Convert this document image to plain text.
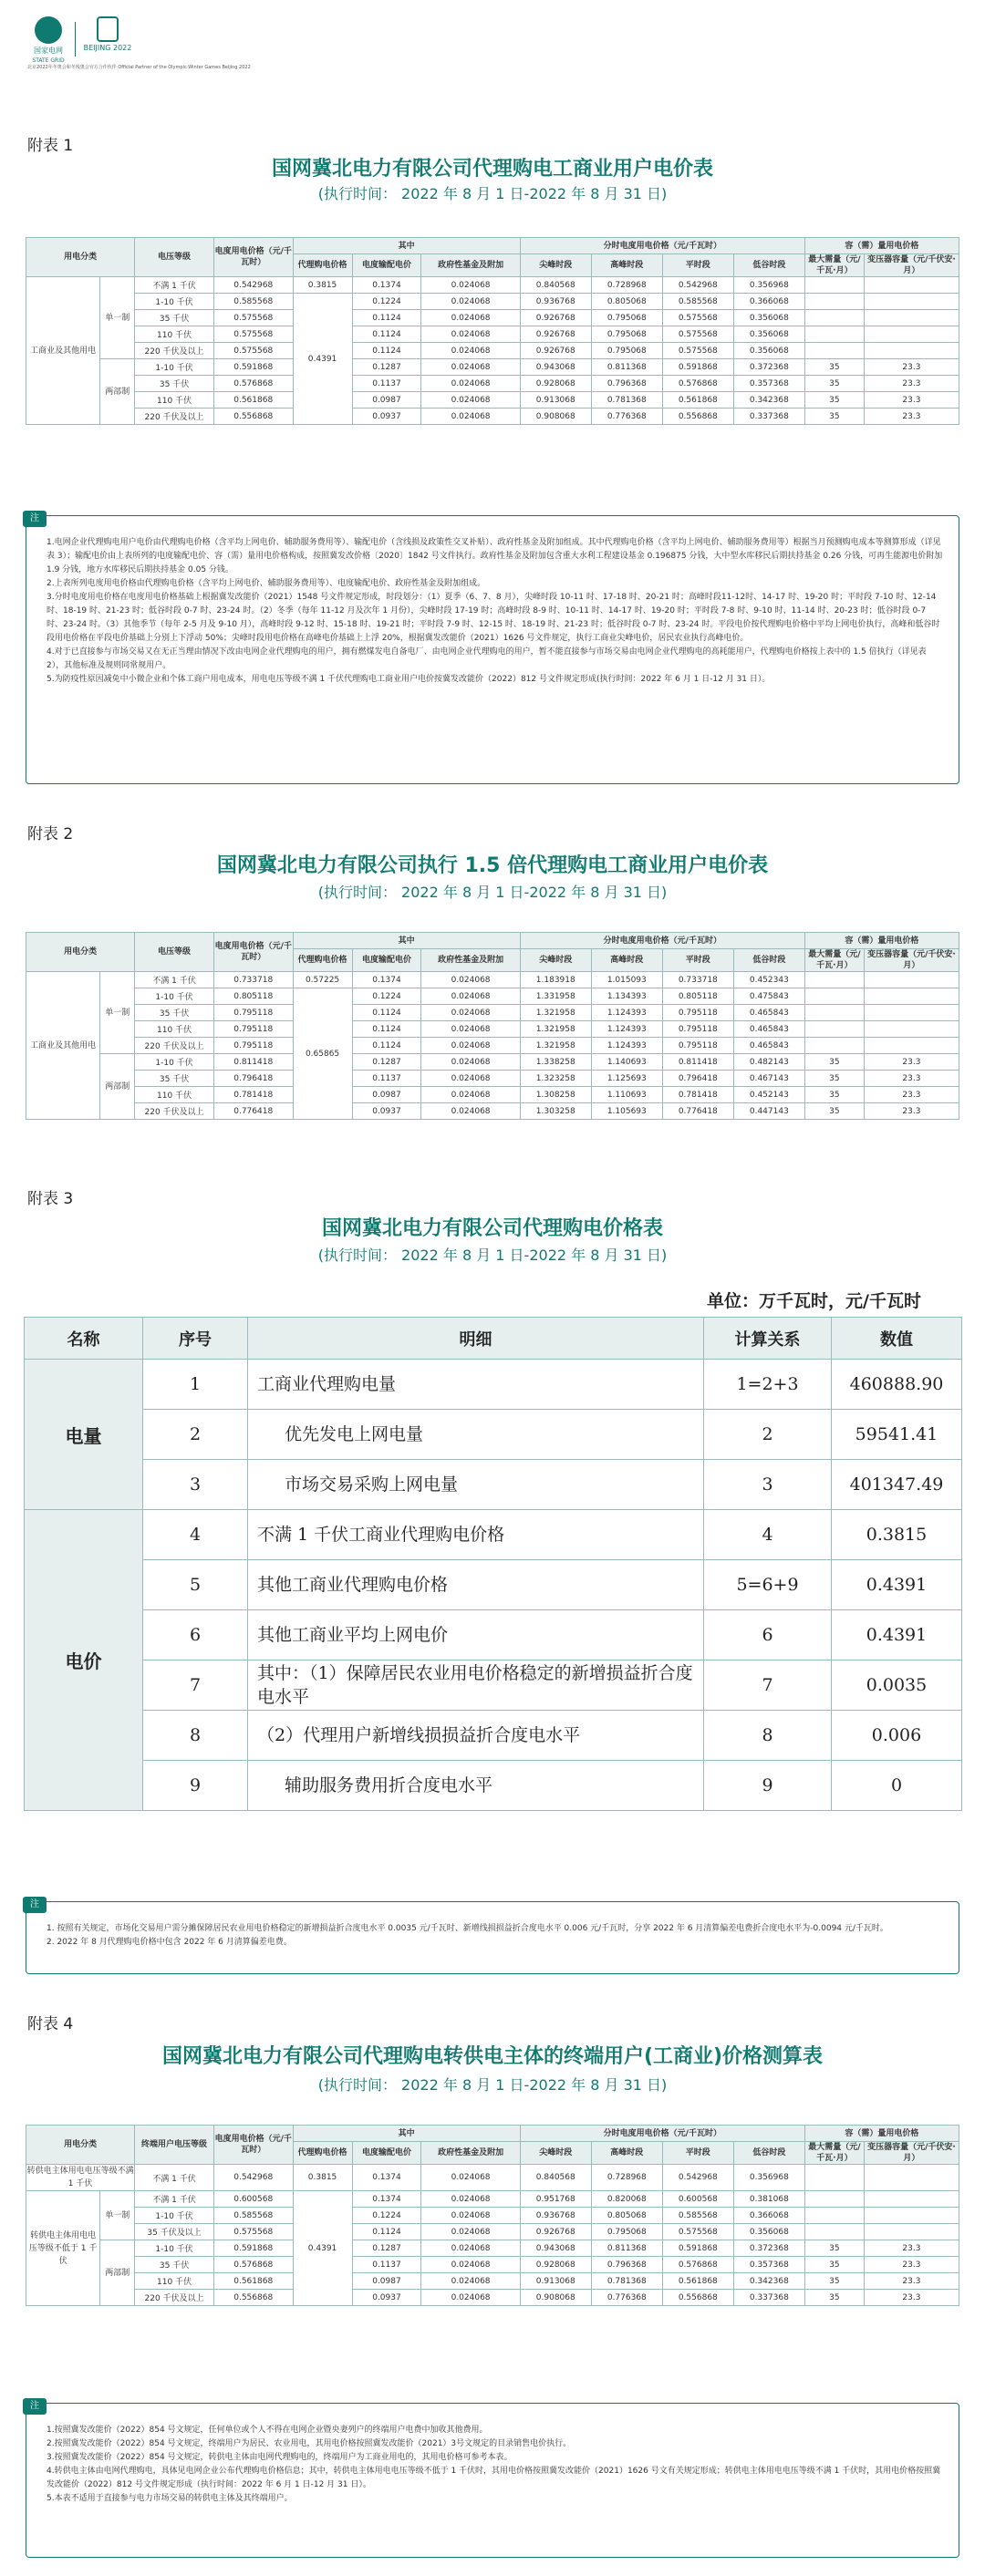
国家电网
STATE GRID
BEIJING 2022
北京2022年冬奥会和冬残奥会官方合作伙伴 Official Partner of the Olympic Winter Games Beijing 2022
附表 1
国网冀北电力有限公司代理购电工商业用户电价表
(执行时间： 2022 年 8 月 1 日-2022 年 8 月 31 日)
用电分类		电压等级	电度用电价格（元/千瓦时）	其中			分时电度用电价格（元/千瓦时）				容（需）量用电价格	
				代理购电价格	电度输配电价	政府性基金及附加	尖峰时段	高峰时段	平时段	低谷时段	最大需量（元/千瓦·月）	变压器容量（元/千伏安·月）
工商业及其他用电	单一制	不满 1 千伏	0.542968	0.3815	0.1374	0.024068	0.840568	0.728968	0.542968	0.356968		
		1-10 千伏	0.585568	0.4391	0.1224	0.024068	0.936768	0.805068	0.585568	0.366068		
		35 千伏	0.575568		0.1124	0.024068	0.926768	0.795068	0.575568	0.356068		
		110 千伏	0.575568		0.1124	0.024068	0.926768	0.795068	0.575568	0.356068		
		220 千伏及以上	0.575568		0.1124	0.024068	0.926768	0.795068	0.575568	0.356068		
	两部制	1-10 千伏	0.591868		0.1287	0.024068	0.943068	0.811368	0.591868	0.372368	35	23.3
		35 千伏	0.576868		0.1137	0.024068	0.928068	0.796368	0.576868	0.357368	35	23.3
		110 千伏	0.561868		0.0987	0.024068	0.913068	0.781368	0.561868	0.342368	35	23.3
		220 千伏及以上	0.556868		0.0937	0.024068	0.908068	0.776368	0.556868	0.337368	35	23.3
注

1.电网企业代理购电用户电价由代理购电价格（含平均上网电价、辅助服务费用等）、输配电价（含线损及政策性交叉补贴）、政府性基金及附加组成。其中代理购电价格（含平均上网电价、辅助服务费用等）根据当月预测购电成本等测算形成（详见表 3）；输配电价由上表所列的电度输配电价、容（需）量用电价格构成，按照冀发改价格〔2020〕1842 号文件执行。政府性基金及附加包含重大水利工程建设基金 0.196875 分钱，大中型水库移民后期扶持基金 0.26 分钱，可再生能源电价附加 1.9 分钱，地方水库移民后期扶持基金 0.05 分钱。

2.上表所列电度用电价格由代理购电价格（含平均上网电价、辅助服务费用等）、电度输配电价、政府性基金及附加组成。

3.分时电度用电价格在电度用电价格基础上根据冀发改能价（2021）1548 号文件规定形成，时段划分：（1）夏季（6、7、8 月），尖峰时段 10-11 时、17-18 时、20-21 时；高峰时段11-12时、14-17 时、19-20 时；平时段 7-10 时、12-14 时、18-19 时、21-23 时；低谷时段 0-7 时、23-24 时。（2）冬季（每年 11-12 月及次年 1 月份），尖峰时段 17-19 时；高峰时段 8-9 时、10-11 时、14-17 时、19-20 时；平时段 7-8 时、9-10 时、11-14 时、20-23 时；低谷时段 0-7 时、23-24 时。（3）其他季节（每年 2-5 月及 9-10 月），高峰时段 9-12 时、15-18 时、19-21 时；平时段 7-9 时、12-15 时、18-19 时、21-23 时；低谷时段 0-7 时、23-24 时。平段电价按代理购电价格中平均上网电价执行，高峰和低谷时段用电价格在平段电价基础上分别上下浮动 50%；尖峰时段用电价格在高峰电价基础上上浮 20%，根据冀发改能价（2021）1626 号文件规定，执行工商业尖峰电价，居民农业执行高峰电价。

4.对于已直接参与市场交易又在无正当理由情况下改由电网企业代理购电的用户，拥有燃煤发电自备电厂、由电网企业代理购电的用户，暂不能直接参与市场交易由电网企业代理购电的高耗能用户，代理购电价格按上表中的 1.5 倍执行（详见表 2），其他标准及规则同常规用户。

5.为防疫性原因减免中小微企业和个体工商户用电成本，用电电压等级不满 1 千伏代理购电工商业用户电价按冀发改能价（2022）812 号文件规定形成(执行时间：2022 年 6 月 1 日-12 月 31 日）。

附表 2
国网冀北电力有限公司执行 1.5 倍代理购电工商业用户电价表
(执行时间： 2022 年 8 月 1 日-2022 年 8 月 31 日)
用电分类		电压等级	电度用电价格（元/千瓦时）	其中			分时电度用电价格（元/千瓦时）				容（需）量用电价格	
				代理购电价格	电度输配电价	政府性基金及附加	尖峰时段	高峰时段	平时段	低谷时段	最大需量（元/千瓦·月）	变压器容量（元/千伏安·月）
工商业及其他用电	单一制	不满 1 千伏	0.733718	0.57225	0.1374	0.024068	1.183918	1.015093	0.733718	0.452343		
		1-10 千伏	0.805118	0.65865	0.1224	0.024068	1.331958	1.134393	0.805118	0.475843		
		35 千伏	0.795118		0.1124	0.024068	1.321958	1.124393	0.795118	0.465843		
		110 千伏	0.795118		0.1124	0.024068	1.321958	1.124393	0.795118	0.465843		
		220 千伏及以上	0.795118		0.1124	0.024068	1.321958	1.124393	0.795118	0.465843		
	两部制	1-10 千伏	0.811418		0.1287	0.024068	1.338258	1.140693	0.811418	0.482143	35	23.3
		35 千伏	0.796418		0.1137	0.024068	1.323258	1.125693	0.796418	0.467143	35	23.3
		110 千伏	0.781418		0.0987	0.024068	1.308258	1.110693	0.781418	0.452143	35	23.3
		220 千伏及以上	0.776418		0.0937	0.024068	1.303258	1.105693	0.776418	0.447143	35	23.3
附表 3
国网冀北电力有限公司代理购电价格表
(执行时间： 2022 年 8 月 1 日-2022 年 8 月 31 日)
单位：万千瓦时，元/千瓦时
名称	序号	明细	计算关系	数值
电量	1	工商业代理购电量	1=2+3	460888.90
	2	优先发电上网电量	2	59541.41
	3	市场交易采购上网电量	3	401347.49
电价	4	不满 1 千伏工商业代理购电价格	4	0.3815
	5	其他工商业代理购电价格	5=6+9	0.4391
	6	其他工商业平均上网电价	6	0.4391
	7	其中：（1）保障居民农业用电价格稳定的新增损益折合度电水平	7	0.0035
	8	（2）代理用户新增线损损益折合度电水平	8	0.006
	9	辅助服务费用折合度电水平	9	0
注

1. 按照有关规定，市场化交易用户需分摊保障居民农业用电价格稳定的新增损益折合度电水平 0.0035 元/千瓦时、新增线损损益折合度电水平 0.006 元/千瓦时，分享 2022 年 6 月清算偏差电费折合度电水平为-0.0094 元/千瓦时。

2. 2022 年 8 月代理购电价格中包含 2022 年 6 月清算偏差电费。

附表 4
国网冀北电力有限公司代理购电转供电主体的终端用户(工商业)价格测算表
(执行时间： 2022 年 8 月 1 日-2022 年 8 月 31 日)
用电分类		终端用户电压等级	电度用电价格（元/千瓦时）	其中			分时电度用电价格（元/千瓦时）				容（需）量用电价格	
				代理购电价格	电度输配电价	政府性基金及附加	尖峰时段	高峰时段	平时段	低谷时段	最大需量（元/千瓦·月）	变压器容量（元/千伏安·月）
转供电主体用电电压等级不满 1 千伏		不满 1 千伏	0.542968	0.3815	0.1374	0.024068	0.840568	0.728968	0.542968	0.356968		
转供电主体用电电压等级不低于 1 千伏	单一制	不满 1 千伏	0.600568	0.4391	0.1374	0.024068	0.951768	0.820068	0.600568	0.381068		
		1-10 千伏	0.585568		0.1224	0.024068	0.936768	0.805068	0.585568	0.366068		
		35 千伏及以上	0.575568		0.1124	0.024068	0.926768	0.795068	0.575568	0.356068		
	两部制	1-10 千伏	0.591868		0.1287	0.024068	0.943068	0.811368	0.591868	0.372368	35	23.3
		35 千伏	0.576868		0.1137	0.024068	0.928068	0.796368	0.576868	0.357368	35	23.3
		110 千伏	0.561868		0.0987	0.024068	0.913068	0.781368	0.561868	0.342368	35	23.3
		220 千伏及以上	0.556868		0.0937	0.024068	0.908068	0.776368	0.556868	0.337368	35	23.3
注

1.按照冀发改能价（2022）854 号文规定，任何单位或个人不得在电网企业暨央妻列户的终端用户电费中加收其他费用。

2.按照冀发改能价（2022）854 号文规定，终端用户为居民、农业用电，其用电价格按照冀发改能价（2021）3号文规定的目录销售电价执行。

3.按照冀发改能价（2022）854 号文规定，转供电主体由电网代理购电的，终端用户为工商业用电的，其用电价格可参考本表。

4.转供电主体由电网代理购电，具体见电网企业公布代理购电价格信息；其中，转供电主体用电电压等级不低于 1 千伏时，其用电价格按照冀发改能价（2021）1626 号文有关规定形成；转供电主体用电电压等级不满 1 千伏时，其用电价格按照冀发改能价（2022）812 号文件规定形成（执行时间：2022 年 6 月 1 日-12 月 31 日）。

5.本表不适用于直接参与电力市场交易的转供电主体及其终端用户。
